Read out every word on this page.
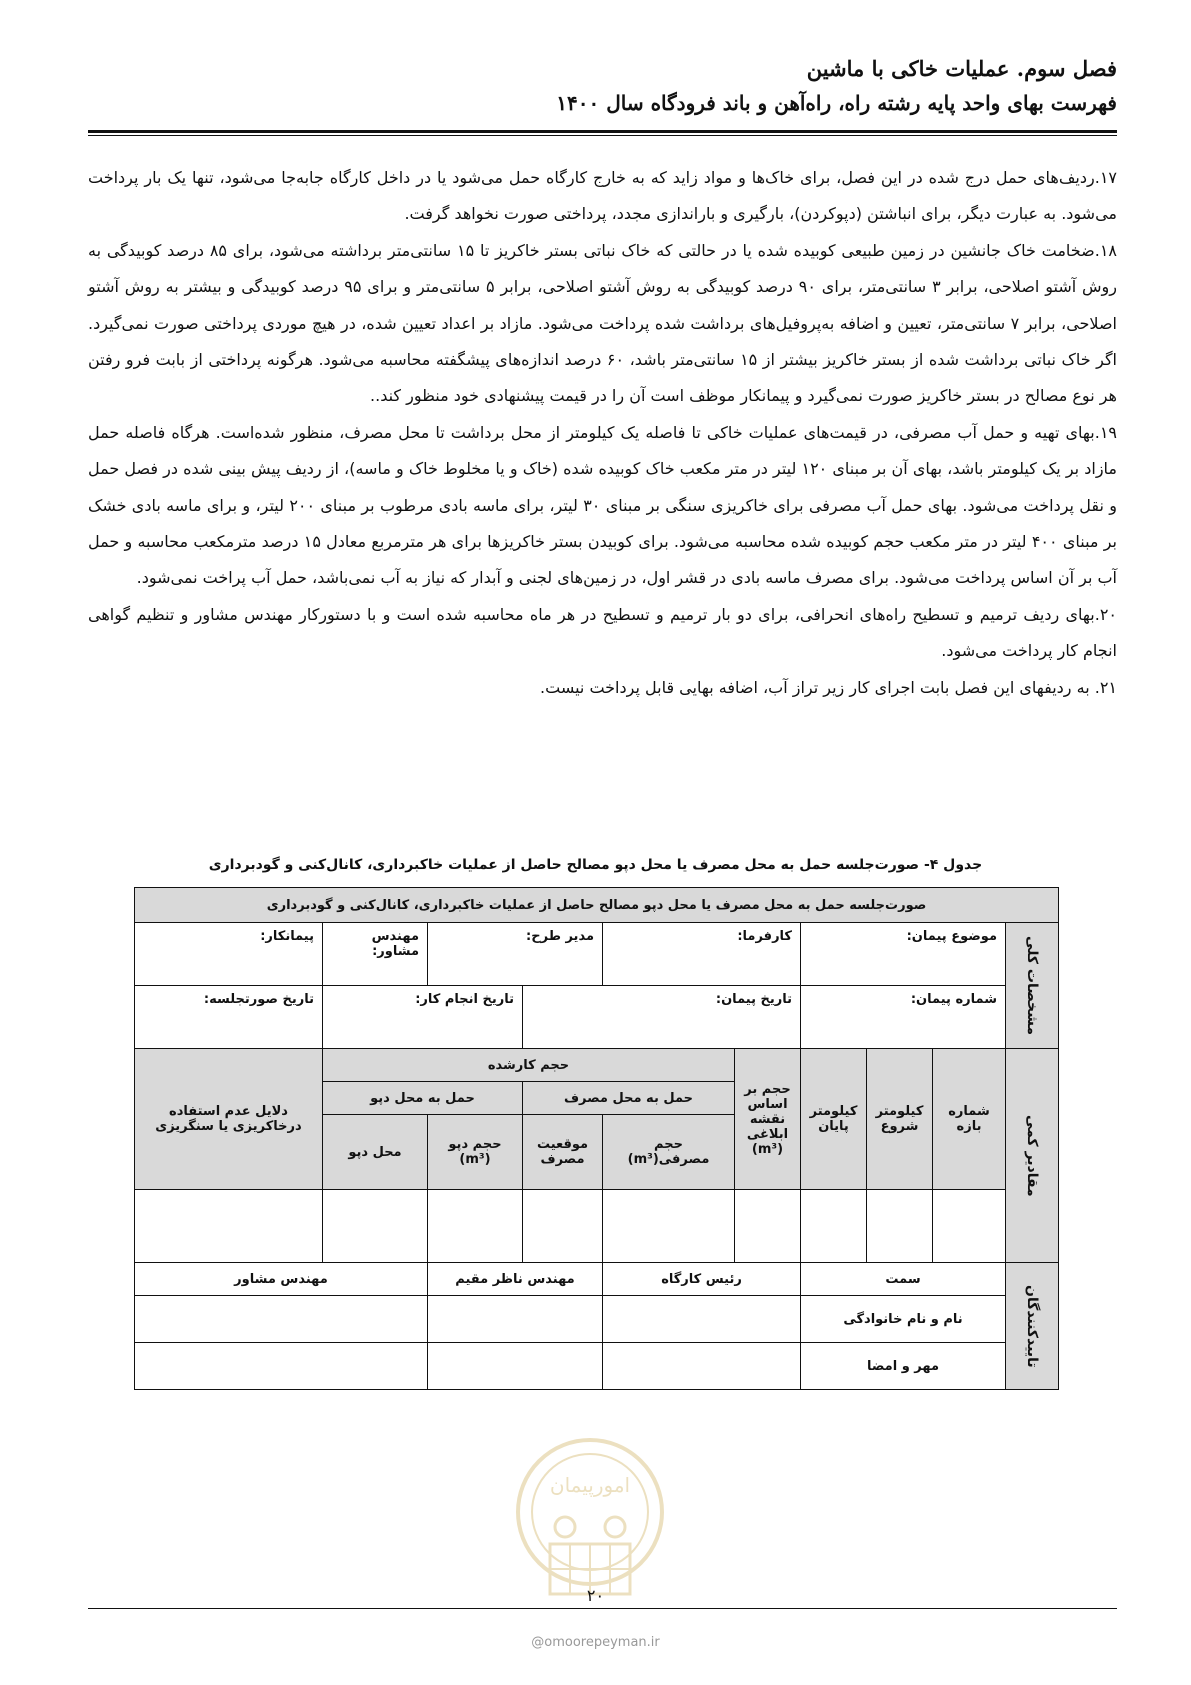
فصل سوم. عملیات خاکی با ماشین
فهرست بهای واحد پایه رشته راه، راه‌آهن و باند فرودگاه سال ۱۴۰۰

۱۷.ردیف‌های حمل درج شده در این فصل، برای خاک‌ها و مواد زاید که به خارج کارگاه حمل می‌شود یا در داخل کارگاه جابه‌جا می‌شود، تنها یک بار پرداخت می‌شود. به عبارت دیگر، برای انباشتن (دپوکردن)، بارگیری و باراندازی مجدد، پرداختی صورت نخواهد گرفت.

۱۸.ضخامت خاک جانشین در زمین طبیعی کوبیده شده یا در حالتی که خاک نباتی بستر خاکریز تا ۱۵ سانتی‌متر برداشته می‌شود، برای ۸۵ درصد کوبیدگی به روش آشتو اصلاحی، برابر ۳ سانتی‌متر، برای ۹۰ درصد کوبیدگی به روش آشتو اصلاحی، برابر ۵ سانتی‌متر و برای ۹۵ درصد کوبیدگی و بیشتر به روش آشتو اصلاحی، برابر ۷ سانتی‌متر، تعیین و اضافه به‌پروفیل‌های برداشت شده پرداخت می‌شود. مازاد بر اعداد تعیین شده، در هیچ موردی پرداختی صورت نمی‌گیرد. اگر خاک نباتی برداشت شده از بستر خاکریز بیشتر از ۱۵ سانتی‌متر باشد، ۶۰ درصد اندازه‌های پیشگفته محاسبه می‌شود. هرگونه پرداختی از بابت فرو رفتن هر نوع مصالح در بستر خاکریز صورت نمی‌گیرد و پیمانکار موظف است آن را در قیمت پیشنهادی خود منظور کند..

۱۹.بهای تهیه و حمل آب مصرفی، در قیمت‌های عملیات خاکی تا فاصله یک کیلومتر از محل برداشت تا محل مصرف، منظور شده‌است. هرگاه فاصله حمل مازاد بر یک کیلومتر باشد، بهای آن بر مبنای ۱۲۰ لیتر در متر مکعب خاک کوبیده شده (خاک و یا مخلوط خاک و ماسه)، از ردیف پیش بینی شده در فصل حمل و نقل پرداخت می‌شود. بهای حمل آب مصرفی برای خاکریزی سنگی بر مبنای ۳۰ لیتر، برای ماسه بادی مرطوب بر مبنای ۲۰۰ لیتر، و برای ماسه بادی خشک بر مبنای ۴۰۰ لیتر در متر مکعب حجم کوبیده شده محاسبه می‌شود. برای کوبیدن بستر خاکریزها برای هر مترمربع معادل ۱۵ درصد مترمکعب محاسبه و حمل آب بر آن اساس پرداخت می‌شود. برای مصرف ماسه بادی در قشر اول، در زمین‌های لجنی و آبدار که نیاز به آب نمی‌باشد، حمل آب پراخت نمی‌شود.

۲۰.بهای ردیف ترمیم و تسطیح راه‌های انحرافی، برای دو بار ترمیم و تسطیح در هر ماه محاسبه شده است و با دستورکار مهندس مشاور و تنظیم گواهی انجام کار پرداخت می‌شود.

۲۱. به ردیفهای این فصل بابت اجرای کار زیر تراز آب، اضافه بهایی قابل پرداخت نیست.

جدول ۴- صورت‌جلسه حمل به محل مصرف یا محل دپو مصالح حاصل از عملیات خاکبرداری، کانال‌کنی و گودبرداری
صورت‌جلسه حمل به محل مصرف یا محل دپو مصالح حاصل از عملیات خاکبرداری، کانال‌کنی و گودبرداری									
مشخصات کلی	موضوع پیمان:			کارفرما:		مدیر طرح:		مهندس مشاور:	پیمانکار:
	شماره پیمان:			تاریخ پیمان:			تاریخ انجام کار:		تاریخ صورتجلسه:
مقادیر کمی	شماره بازه	کیلومتر شروع	کیلومتر پایان	حجم بر اساس نقشه ابلاغی (m³)	حجم کارشده				دلایل عدم استفاده درخاکریزی یا سنگریزی
					حمل به محل مصرف		حمل به محل دپو		
					حجم مصرفی(m³)	موقعیت مصرف	حجم دپو (m³)	محل دپو	

تایید‌کنندگان	سمت			رئیس کارگاه		مهندس ناظر مقیم		مهندس مشاور	
	نام و نام خانوادگی								
	مهر و امضا								
امورپیمان
۲۰
@omoorepeyman.ir
